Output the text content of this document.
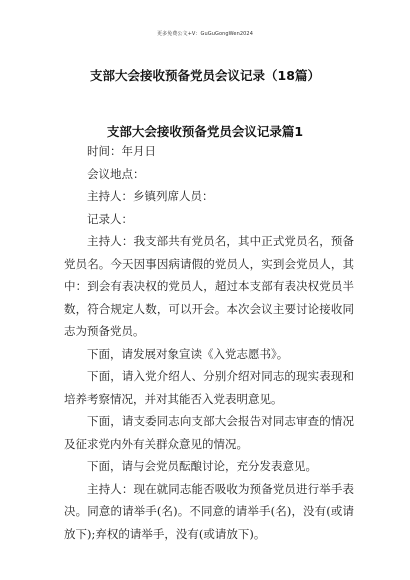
更多免费公文+V：GuGuGongWen2024
支部大会接收预备党员会议记录（18篇）
支部大会接收预备党员会议记录篇1

时间：年月日

会议地点：

主持人：乡镇列席人员：

记录人：

主持人：我支部共有党员名，其中正式党员名，预备党员名。今天因事因病请假的党员人，实到会党员人，其中：到会有表决权的党员人，超过本支部有表决权党员半数，符合规定人数，可以开会。本次会议主要讨论接收同志为预备党员。

下面，请发展对象宣读《入党志愿书》。

下面，请入党介绍人、分别介绍对同志的现实表现和培养考察情况，并对其能否入党表明意见。

下面，请支委同志向支部大会报告对同志审查的情况及征求党内外有关群众意见的情况。

下面，请与会党员酝酿讨论，充分发表意见。

主持人：现在就同志能否吸收为预备党员进行举手表决。同意的请举手(名)。不同意的请举手(名)，没有(或请放下);弃权的请举手，没有(或请放下)。
